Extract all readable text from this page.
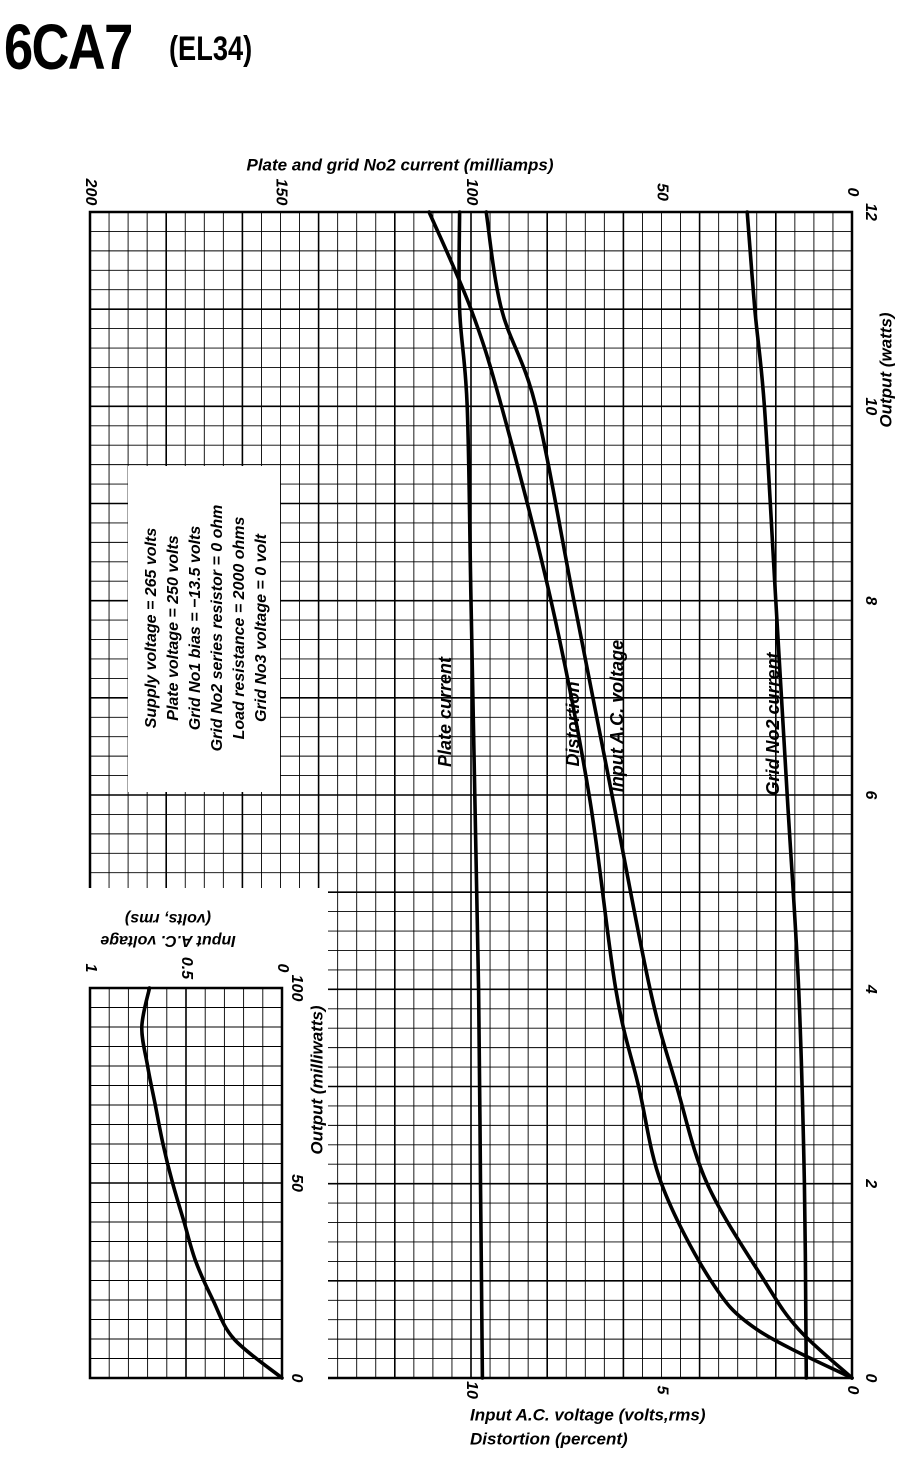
6CA7 (EL34)
Plate and grid No2 current (milliamps)
0
50
100
150
200
0
2
4
6
8
10
12
Output (watts)
0
5
10
Input A.C. voltage (volts,rms)
Distortion (percent)
Input A.C. voltage
(volts, rms)
0
0.5
1
0
50
100
Output (milliwatts)
Plate current	Grid No2 current
Input A.C. voltage
Distortion
Supply voltage = 265 volts Plate voltage = 250 volts Grid No1 bias = −13.5 volts Grid No2 series resistor = 0 ohm Load resistance = 2000 ohms Grid No3 voltage = 0 volt
